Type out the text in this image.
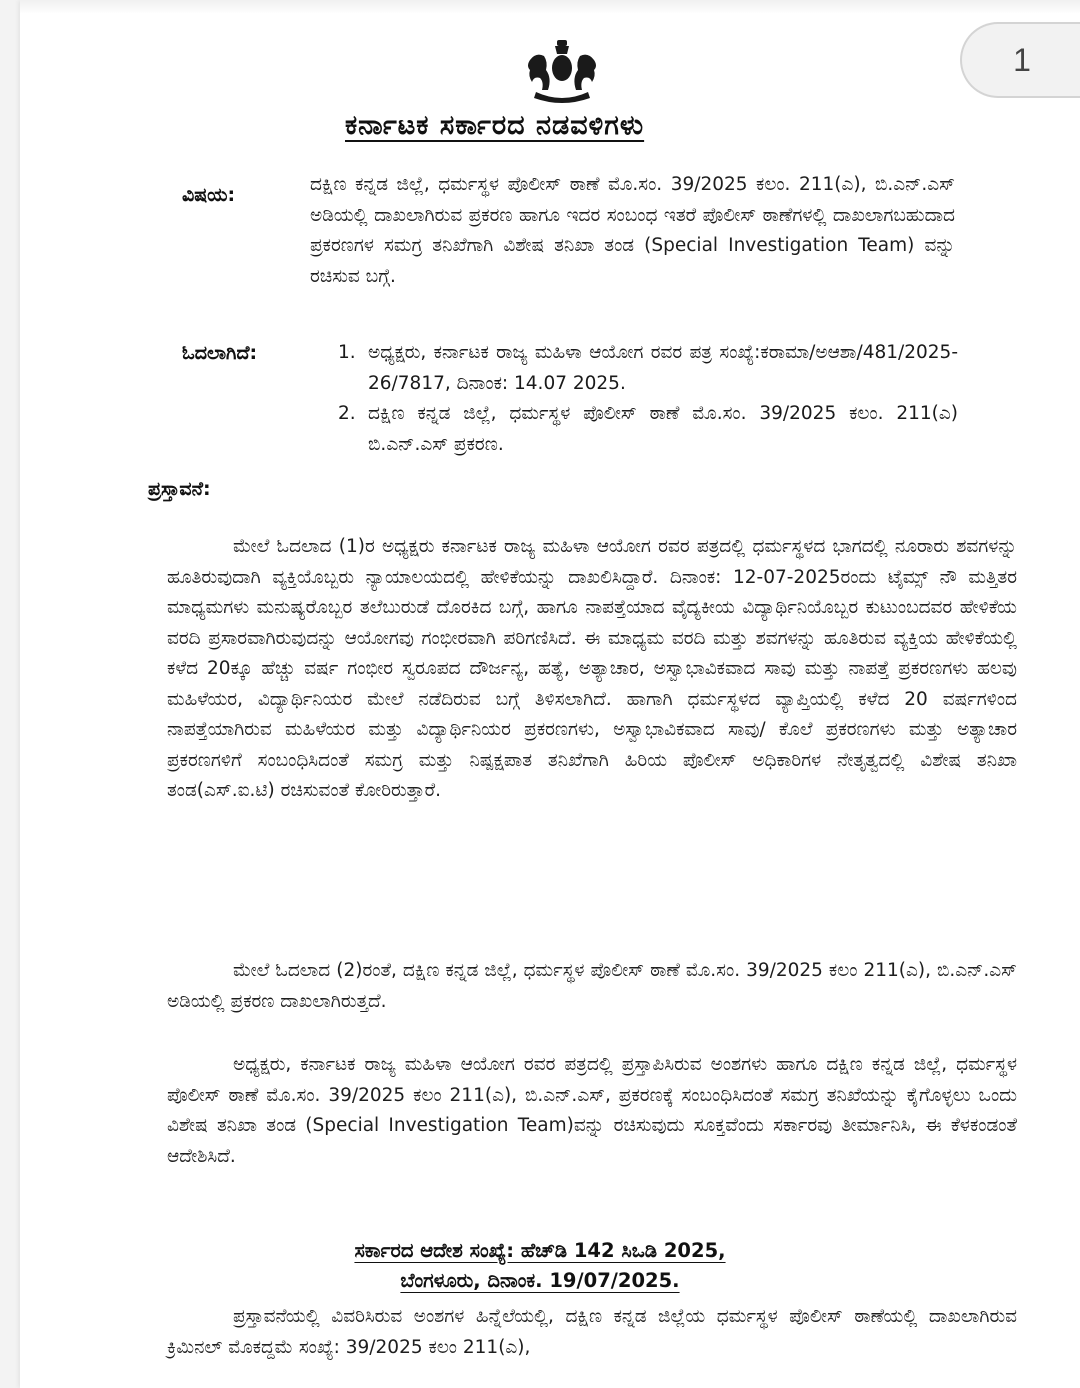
1
ಕರ್ನಾಟಕ ಸರ್ಕಾರದ ನಡವಳಿಗಳು
ವಿಷಯ:	ದಕ್ಷಿಣ ಕನ್ನಡ ಜಿಲ್ಲೆ, ಧರ್ಮಸ್ಥಳ ಪೊಲೀಸ್ ಠಾಣೆ ಮೊ.ಸಂ. 39/2025 ಕಲಂ. 211(ಎ), ಬಿ.ಎನ್.ಎಸ್ ಅಡಿಯಲ್ಲಿ ದಾಖಲಾಗಿರುವ ಪ್ರಕರಣ ಹಾಗೂ ಇದರ ಸಂಬಂಧ ಇತರೆ ಪೊಲೀಸ್ ಠಾಣೆಗಳಲ್ಲಿ ದಾಖಲಾಗಬಹುದಾದ ಪ್ರಕರಣಗಳ ಸಮಗ್ರ ತನಿಖೆಗಾಗಿ ವಿಶೇಷ ತನಿಖಾ ತಂಡ (Special Investigation Team) ವನ್ನು ರಚಿಸುವ ಬಗ್ಗೆ.
ಓದಲಾಗಿದೆ:	1. ಅಧ್ಯಕ್ಷರು, ಕರ್ನಾಟಕ ರಾಜ್ಯ ಮಹಿಳಾ ಆಯೋಗ ರವರ ಪತ್ರ ಸಂಖ್ಯೆ:ಕರಾಮಾ/ಅಆಶಾ/481/2025-26/7817, ದಿನಾಂಕ: 14.07 2025.
2. ದಕ್ಷಿಣ ಕನ್ನಡ ಜಿಲ್ಲೆ, ಧರ್ಮಸ್ಥಳ ಪೊಲೀಸ್ ಠಾಣೆ ಮೊ.ಸಂ. 39/2025 ಕಲಂ. 211(ಎ) ಬಿ.ಎನ್.ಎಸ್ ಪ್ರಕರಣ.
ಪ್ರಸ್ತಾವನೆ:

ಮೇಲೆ ಓದಲಾದ (1)ರ ಅಧ್ಯಕ್ಷರು ಕರ್ನಾಟಕ ರಾಜ್ಯ ಮಹಿಳಾ ಆಯೋಗ ರವರ ಪತ್ರದಲ್ಲಿ ಧರ್ಮಸ್ಥಳದ ಭಾಗದಲ್ಲಿ ನೂರಾರು ಶವಗಳನ್ನು ಹೂತಿರುವುದಾಗಿ ವ್ಯಕ್ತಿಯೊಬ್ಬರು ನ್ಯಾಯಾಲಯದಲ್ಲಿ ಹೇಳಿಕೆಯನ್ನು ದಾಖಲಿಸಿದ್ದಾರೆ. ದಿನಾಂಕ: 12-07-2025ರಂದು ಟೈಮ್ಸ್ ನೌ ಮತ್ತಿತರ ಮಾಧ್ಯಮಗಳು ಮನುಷ್ಯರೊಬ್ಬರ ತಲೆಬುರುಡೆ ದೊರಕಿದ ಬಗ್ಗೆ, ಹಾಗೂ ನಾಪತ್ತೆಯಾದ ವೈದ್ಯಕೀಯ ವಿದ್ಯಾರ್ಥಿನಿಯೊಬ್ಬರ ಕುಟುಂಬದವರ ಹೇಳಿಕೆಯ ವರದಿ ಪ್ರಸಾರವಾಗಿರುವುದನ್ನು ಆಯೋಗವು ಗಂಭೀರವಾಗಿ ಪರಿಗಣಿಸಿದೆ. ಈ ಮಾಧ್ಯಮ ವರದಿ ಮತ್ತು ಶವಗಳನ್ನು ಹೂತಿರುವ ವ್ಯಕ್ತಿಯ ಹೇಳಿಕೆಯಲ್ಲಿ ಕಳೆದ 20ಕ್ಕೂ ಹೆಚ್ಚು ವರ್ಷ ಗಂಭೀರ ಸ್ವರೂಪದ ದೌರ್ಜನ್ಯ, ಹತ್ಯೆ, ಅತ್ಯಾಚಾರ, ಅಸ್ವಾಭಾವಿಕವಾದ ಸಾವು ಮತ್ತು ನಾಪತ್ತೆ ಪ್ರಕರಣಗಳು ಹಲವು ಮಹಿಳೆಯರ, ವಿದ್ಯಾರ್ಥಿನಿಯರ ಮೇಲೆ ನಡೆದಿರುವ ಬಗ್ಗೆ ತಿಳಿಸಲಾಗಿದೆ. ಹಾಗಾಗಿ ಧರ್ಮಸ್ಥಳದ ವ್ಯಾಪ್ತಿಯಲ್ಲಿ ಕಳೆದ 20 ವರ್ಷಗಳಿಂದ ನಾಪತ್ತೆಯಾಗಿರುವ ಮಹಿಳೆಯರ ಮತ್ತು ವಿದ್ಯಾರ್ಥಿನಿಯರ ಪ್ರಕರಣಗಳು, ಅಸ್ವಾಭಾವಿಕವಾದ ಸಾವು/ ಕೊಲೆ ಪ್ರಕರಣಗಳು ಮತ್ತು ಅತ್ಯಾಚಾರ ಪ್ರಕರಣಗಳಿಗೆ ಸಂಬಂಧಿಸಿದಂತೆ ಸಮಗ್ರ ಮತ್ತು ನಿಷ್ಪಕ್ಷಪಾತ ತನಿಖೆಗಾಗಿ ಹಿರಿಯ ಪೊಲೀಸ್ ಅಧಿಕಾರಿಗಳ ನೇತೃತ್ವದಲ್ಲಿ ವಿಶೇಷ ತನಿಖಾ ತಂಡ(ಎಸ್.ಐ.ಟಿ) ರಚಿಸುವಂತೆ ಕೋರಿರುತ್ತಾರೆ.

ಮೇಲೆ ಓದಲಾದ (2)ರಂತೆ, ದಕ್ಷಿಣ ಕನ್ನಡ ಜಿಲ್ಲೆ, ಧರ್ಮಸ್ಥಳ ಪೊಲೀಸ್ ಠಾಣೆ ಮೊ.ಸಂ. 39/2025 ಕಲಂ 211(ಎ), ಬಿ.ಎನ್.ಎಸ್ ಅಡಿಯಲ್ಲಿ ಪ್ರಕರಣ ದಾಖಲಾಗಿರುತ್ತದೆ.

ಅಧ್ಯಕ್ಷರು, ಕರ್ನಾಟಕ ರಾಜ್ಯ ಮಹಿಳಾ ಆಯೋಗ ರವರ ಪತ್ರದಲ್ಲಿ ಪ್ರಸ್ತಾಪಿಸಿರುವ ಅಂಶಗಳು ಹಾಗೂ ದಕ್ಷಿಣ ಕನ್ನಡ ಜಿಲ್ಲೆ, ಧರ್ಮಸ್ಥಳ ಪೊಲೀಸ್ ಠಾಣೆ ಮೊ.ಸಂ. 39/2025 ಕಲಂ 211(ಎ), ಬಿ.ಎನ್.ಎಸ್, ಪ್ರಕರಣಕ್ಕೆ ಸಂಬಂಧಿಸಿದಂತೆ ಸಮಗ್ರ ತನಿಖೆಯನ್ನು ಕೈಗೊಳ್ಳಲು ಒಂದು ವಿಶೇಷ ತನಿಖಾ ತಂಡ (Special Investigation Team)ವನ್ನು ರಚಿಸುವುದು ಸೂಕ್ತವೆಂದು ಸರ್ಕಾರವು ತೀರ್ಮಾನಿಸಿ, ಈ ಕೆಳಕಂಡಂತೆ ಆದೇಶಿಸಿದೆ.

ಸರ್ಕಾರದ ಆದೇಶ ಸಂಖ್ಯೆ: ಹೆಚ್‌ಡಿ 142 ಸಿಒಡಿ 2025,
ಬೆಂಗಳೂರು, ದಿನಾಂಕ. 19/07/2025.

ಪ್ರಸ್ತಾವನೆಯಲ್ಲಿ ವಿವರಿಸಿರುವ ಅಂಶಗಳ ಹಿನ್ನೆಲೆಯಲ್ಲಿ, ದಕ್ಷಿಣ ಕನ್ನಡ ಜಿಲ್ಲೆಯ ಧರ್ಮಸ್ಥಳ ಪೊಲೀಸ್ ಠಾಣೆಯಲ್ಲಿ ದಾಖಲಾಗಿರುವ ಕ್ರಿಮಿನಲ್ ಮೊಕದ್ದಮೆ ಸಂಖ್ಯೆ: 39/2025 ಕಲಂ 211(ಎ),
